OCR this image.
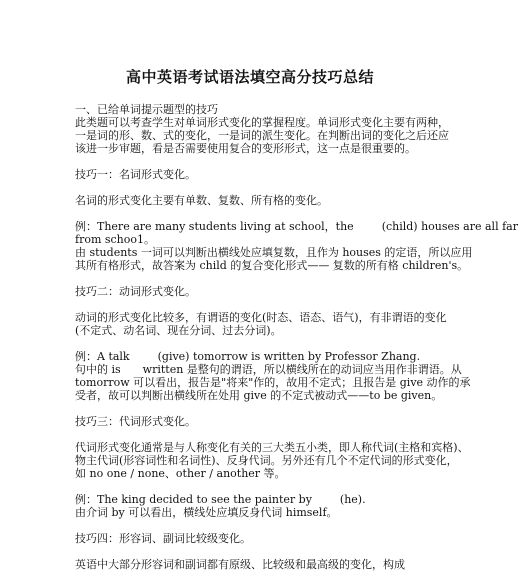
高中英语考试语法填空高分技巧总结
一、已给单词提示题型的技巧
此类题可以考查学生对单词形式变化的掌握程度。单词形式变化主要有两种，
一是词的形、数、式的变化，一是词的派生变化。在判断出词的变化之后还应
该进一步审题，看是否需要使用复合的变形形式，这一点是很重要的。
技巧一：名词形式变化。
名词的形式变化主要有单数、复数、所有格的变化。
例：There are many students living at school，the	(child) houses are all far
from schoo1。
由 students 一词可以判断出横线处应填复数，且作为 houses 的定语，所以应用
其所有格形式，故答案为 child 的复合变化形式—— 复数的所有格 children's。
技巧二：动词形式变化。
动词的形式变化比较多，有谓语的变化(时态、语态、语气)，有非谓语的变化
(不定式、动名词、现在分词、过去分词)。
例：A talk	(give) tomorrow is written by Professor Zhang.
句中的 is written 是整句的谓语，所以横线所在的动词应当用作非谓语。从
tomorrow 可以看出，报告是"将来"作的，故用不定式；且报告是 give 动作的承
受者，故可以判断出横线所在处用 give 的不定式被动式——to be given。
技巧三：代词形式变化。
代词形式变化通常是与人称变化有关的三大类五小类，即人称代词(主格和宾格)、
物主代词(形容词性和名词性)、反身代词。另外还有几个不定代词的形式变化，
如 no one / none、other / another 等。
例：The king decided to see the painter by	(he).
由介词 by 可以看出，横线处应填反身代词 himself。
技巧四：形容词、副词比较级变化。
英语中大部分形容词和副词都有原级、比较级和最高级的变化，构成
